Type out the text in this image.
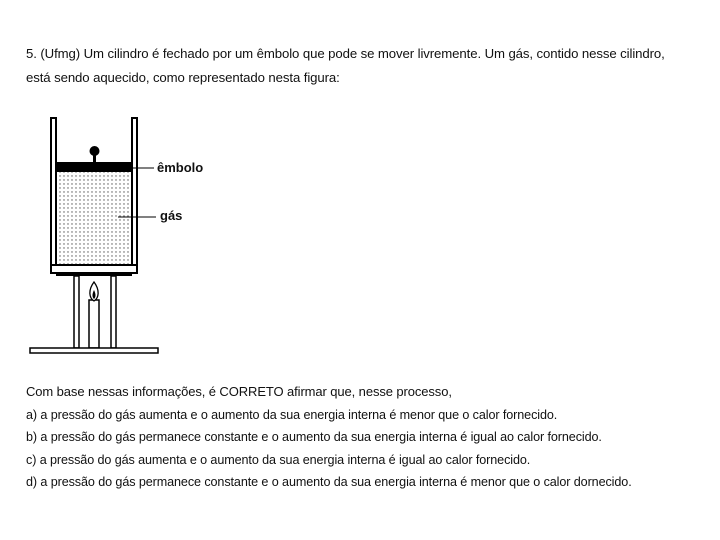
5. (Ufmg) Um cilindro é fechado por um êmbolo que pode se mover livremente. Um gás, contido nesse cilindro,
está sendo aquecido, como representado nesta figura:
êmbolo
gás
Com base nessas informações, é CORRETO afirmar que, nesse processo,
a) a pressão do gás aumenta e o aumento da sua energia interna é menor que o calor fornecido.
b) a pressão do gás permanece constante e o aumento da sua energia interna é igual ao calor fornecido.
c) a pressão do gás aumenta e o aumento da sua energia interna é igual ao calor fornecido.
d) a pressão do gás permanece constante e o aumento da sua energia interna é menor que o calor dornecido.
